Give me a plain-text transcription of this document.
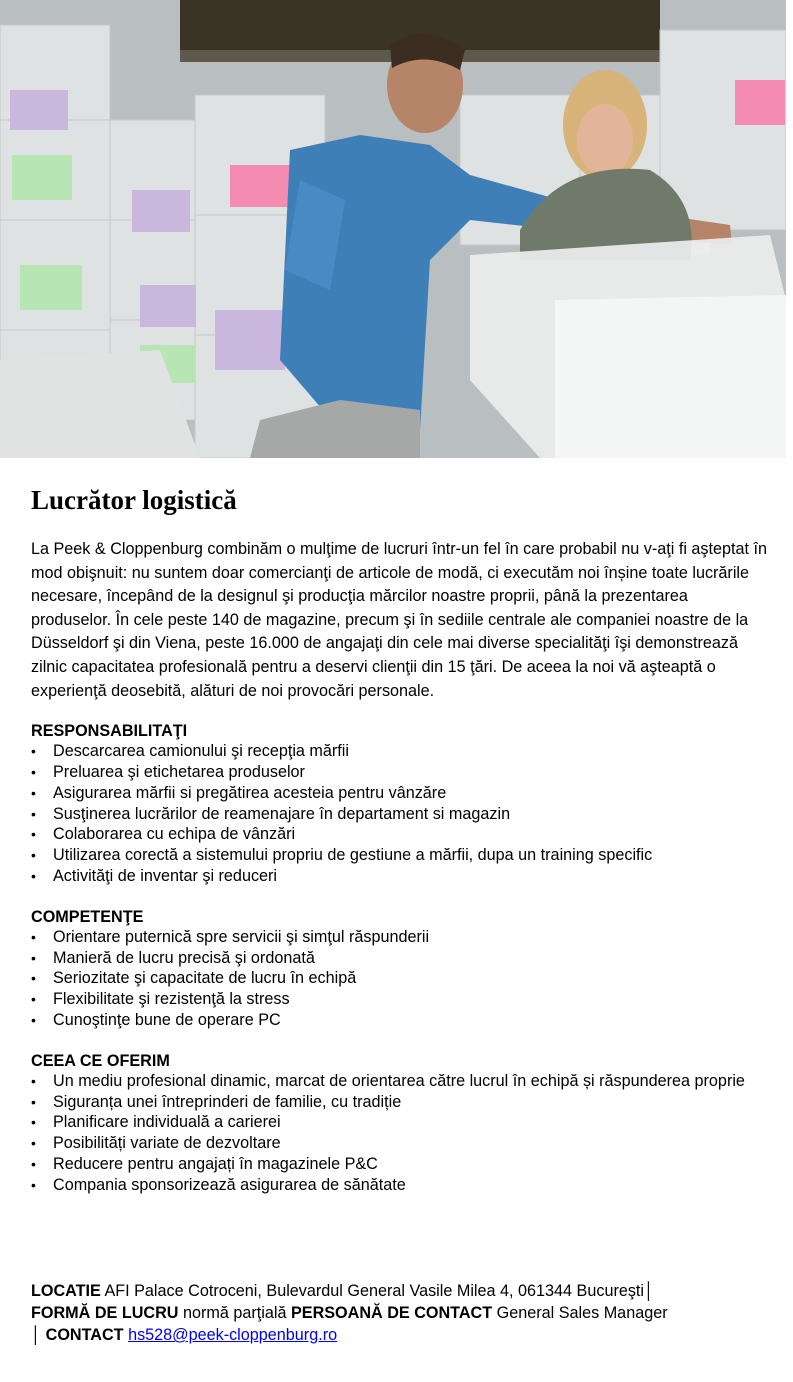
Lucrător logistică

La Peek & Cloppenburg combinăm o mulţime de lucruri într-un fel în care probabil nu v-aţi fi aşteptat în mod obişnuit: nu suntem doar comercianţi de articole de modă, ci executăm noi înșine toate lucrările necesare, începând de la designul şi producţia mărcilor noastre proprii, până la prezentarea produselor. În cele peste 140 de magazine, precum şi în sediile centrale ale companiei noastre de la Düsseldorf şi din Viena, peste 16.000 de angajaţi din cele mai diverse specialităţi îşi demonstrează zilnic capacitatea profesională pentru a deservi clienţii din 15 ţări. De aceea la noi vă aşteaptă o experienţă deosebită, alături de noi provocări personale.

RESPONSABILITAŢI

• Descarcarea camionului şi recepţia mărfii
• Preluarea şi etichetarea produselor
• Asigurarea mărfii si pregătirea acesteia pentru vânzăre
• Susţinerea lucrărilor de reamenajare în departament si magazin
• Colaborarea cu echipa de vânzări
• Utilizarea corectă a sistemului propriu de gestiune a mărfii, dupa un training specific
• Activităţi de inventar şi reduceri

COMPETENŢE

• Orientare puternică spre servicii şi simţul răspunderii
• Manieră de lucru precisă şi ordonată
• Seriozitate şi capacitate de lucru în echipă
• Flexibilitate şi rezistenţă la stress
• Cunoştinţe bune de operare PC

CEEA CE OFERIM

• Un mediu profesional dinamic, marcat de orientarea către lucrul în echipă și răspunderea proprie
• Siguranța unei întreprinderi de familie, cu tradiție
• Planificare individuală a carierei
• Posibilități variate de dezvoltare
• Reducere pentru angajați în magazinele P&C
• Compania sponsorizează asigurarea de sănătate
LOCATIE AFI Palace Cotroceni, Bulevardul General Vasile Milea 4, 061344 Bucureşti│
FORMĂ DE LUCRU normă parţială PERSOANĂ DE CONTACT General Sales Manager
│ CONTACT hs528@peek-cloppenburg.ro
